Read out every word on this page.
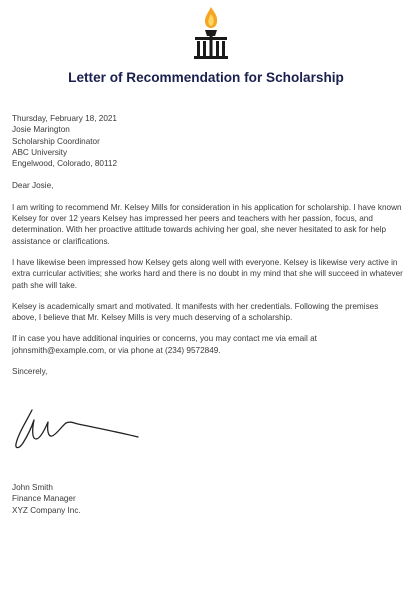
Letter of Recommendation for Scholarship

Thursday, February 18, 2021

Josie Marington

Scholarship Coordinator

ABC University

Engelwood, Colorado, 80112

Dear Josie,

I am writing to recommend Mr. Kelsey Mills for consideration in his application for scholarship. I have known Kelsey for over 12 years Kelsey has impressed her peers and teachers with her passion, focus, and determination. With her proactive attitude towards achiving her goal, she never hesitated to ask for help assistance or clarifications.

I have likewise been impressed how Kelsey gets along well with everyone. Kelsey is likewise very active in extra curricular activities; she works hard and there is no doubt in my mind that she will succeed in whatever path she will take.

Kelsey is academically smart and motivated. It manifests with her credentials. Following the premises above, I believe that Mr. Kelsey Mills is very much deserving of a scholarship.

If in case you have additional inquiries or concerns, you may contact me via email at johnsmith@example.com, or via phone at (234) 9572849.

Sincerely,

John Smith

Finance Manager

XYZ Company Inc.
